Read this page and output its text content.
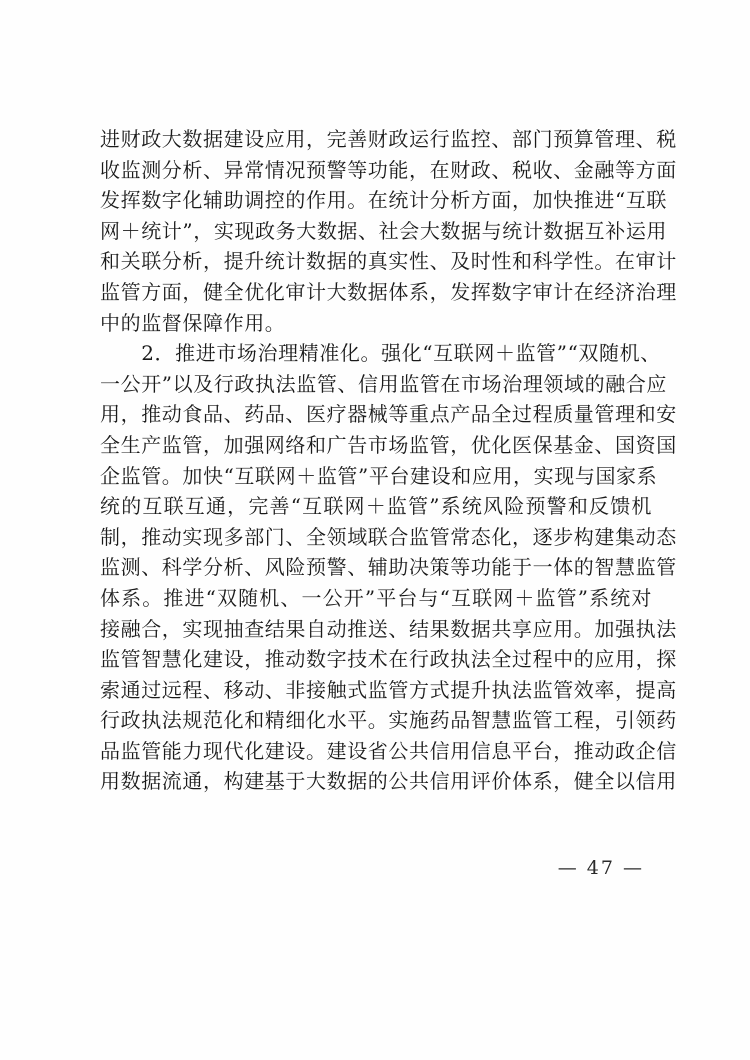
进财政大数据建设应用，完善财政运行监控、部门预算管理、税
收监测分析、异常情况预警等功能，在财政、税收、金融等方面
发挥数字化辅助调控的作用。在统计分析方面，加快推进“互联
网＋统计”，实现政务大数据、社会大数据与统计数据互补运用
和关联分析，提升统计数据的真实性、及时性和科学性。在审计
监管方面，健全优化审计大数据体系，发挥数字审计在经济治理
中的监督保障作用。
　　2．推进市场治理精准化。强化“互联网＋监管”“双随机、
一公开”以及行政执法监管、信用监管在市场治理领域的融合应
用，推动食品、药品、医疗器械等重点产品全过程质量管理和安
全生产监管，加强网络和广告市场监管，优化医保基金、国资国
企监管。加快“互联网＋监管”平台建设和应用，实现与国家系
统的互联互通，完善“互联网＋监管”系统风险预警和反馈机
制，推动实现多部门、全领域联合监管常态化，逐步构建集动态
监测、科学分析、风险预警、辅助决策等功能于一体的智慧监管
体系。推进“双随机、一公开”平台与“互联网＋监管”系统对
接融合，实现抽查结果自动推送、结果数据共享应用。加强执法
监管智慧化建设，推动数字技术在行政执法全过程中的应用，探
索通过远程、移动、非接触式监管方式提升执法监管效率，提高
行政执法规范化和精细化水平。实施药品智慧监管工程，引领药
品监管能力现代化建设。建设省公共信用信息平台，推动政企信
用数据流通，构建基于大数据的公共信用评价体系，健全以信用
— 47 —
